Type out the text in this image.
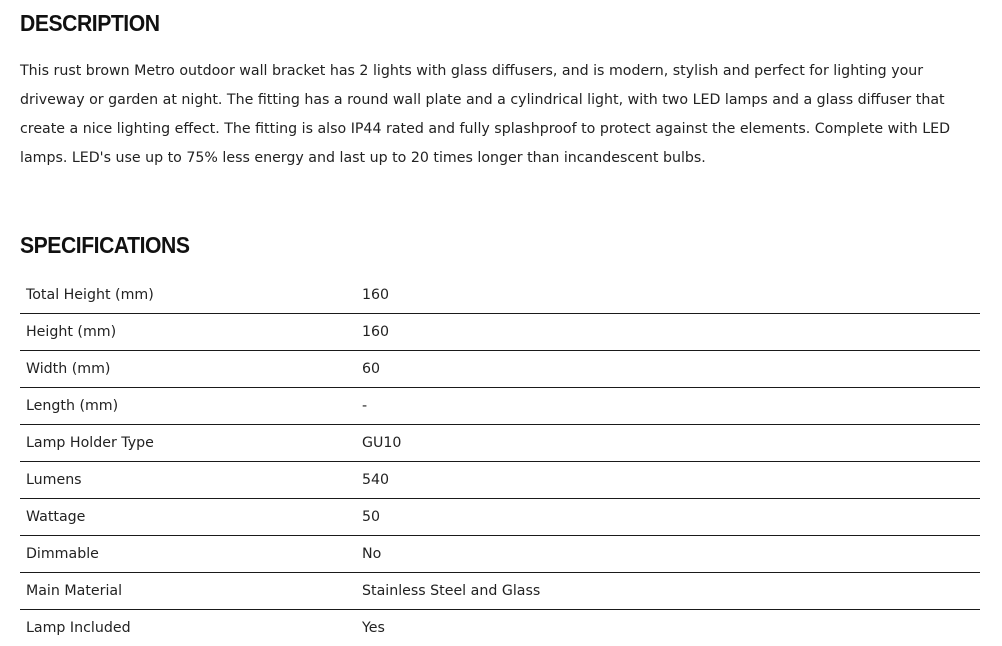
DESCRIPTION

This rust brown Metro outdoor wall bracket has 2 lights with glass diffusers, and is modern, stylish and perfect for lighting your driveway or garden at night. The fitting has a round wall plate and a cylindrical light, with two LED lamps and a glass diffuser that create a nice lighting effect. The fitting is also IP44 rated and fully splashproof to protect against the elements. Complete with LED lamps. LED's use up to 75% less energy and last up to 20 times longer than incandescent bulbs.

SPECIFICATIONS
Total Height (mm)	160
Height (mm)	160
Width (mm)	60
Length (mm)	-
Lamp Holder Type	GU10
Lumens	540
Wattage	50
Dimmable	No
Main Material	Stainless Steel and Glass
Lamp Included	Yes
